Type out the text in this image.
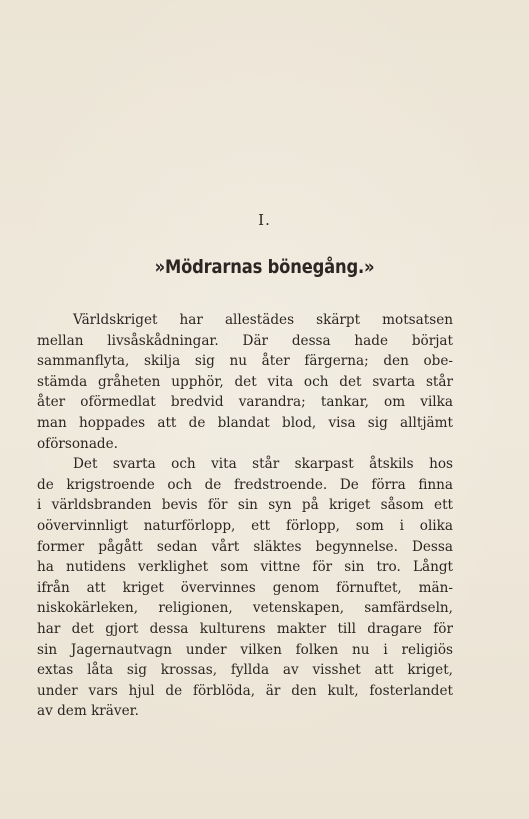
I.
»Mödrarnas bönegång.»

Världskriget har allestädes skärpt motsatsen
mellan livsåskådningar. Där dessa hade börjat
sammanflyta, skilja sig nu åter färgerna; den obe-
stämda gråheten upphör, det vita och det svarta står
åter oförmedlat bredvid varandra; tankar, om vilka
man hoppades att de blandat blod, visa sig alltjämt
oförsonade.

Det svarta och vita står skarpast åtskils hos
de krigstroende och de fredstroende. De förra finna
i världsbranden bevis för sin syn på kriget såsom ett
oövervinnligt naturförlopp, ett förlopp, som i olika
former pågått sedan vårt släktes begynnelse. Dessa
ha nutidens verklighet som vittne för sin tro. Långt
ifrån att kriget övervinnes genom förnuftet, män-
niskokärleken, religionen, vetenskapen, samfärdseln,
har det gjort dessa kulturens makter till dragare för
sin Jagernautvagn under vilken folken nu i religiös
extas låta sig krossas, fyllda av visshet att kriget,
under vars hjul de förblöda, är den kult, fosterlandet
av dem kräver.
